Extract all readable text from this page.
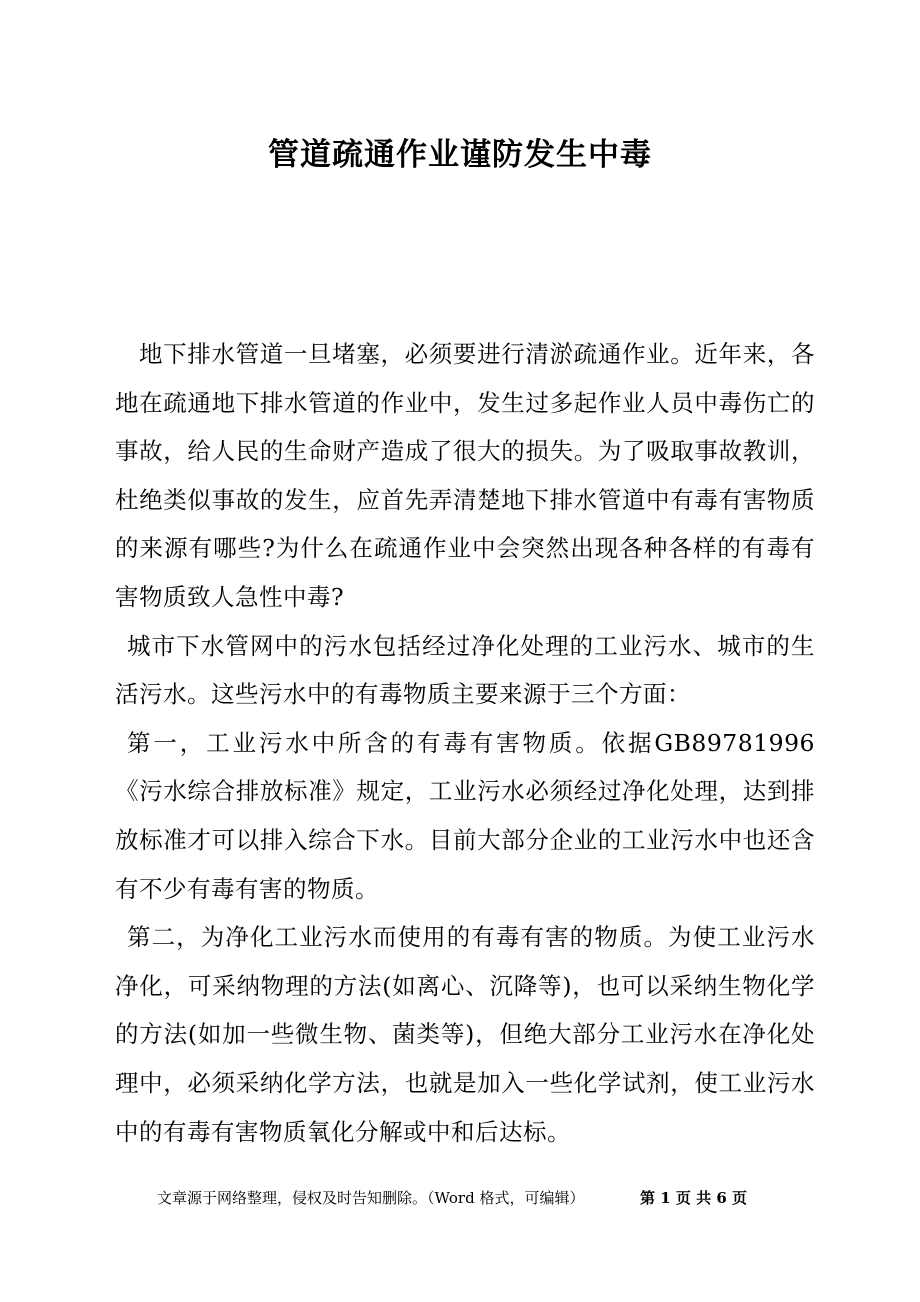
管道疏通作业谨防发生中毒

地下排水管道一旦堵塞，必须要进行清淤疏通作业。近年来，各地在疏通地下排水管道的作业中，发生过多起作业人员中毒伤亡的事故，给人民的生命财产造成了很大的损失。为了吸取事故教训，杜绝类似事故的发生，应首先弄清楚地下排水管道中有毒有害物质的来源有哪些?为什么在疏通作业中会突然出现各种各样的有毒有害物质致人急性中毒?

城市下水管网中的污水包括经过净化处理的工业污水、城市的生活污水。这些污水中的有毒物质主要来源于三个方面：

第一，工业污水中所含的有毒有害物质。依据GB89781996《污水综合排放标准》规定，工业污水必须经过净化处理，达到排放标准才可以排入综合下水。目前大部分企业的工业污水中也还含有不少有毒有害的物质。

第二，为净化工业污水而使用的有毒有害的物质。为使工业污水净化，可采纳物理的方法(如离心、沉降等)，也可以采纳生物化学的方法(如加一些微生物、菌类等)，但绝大部分工业污水在净化处理中，必须采纳化学方法，也就是加入一些化学试剂，使工业污水中的有毒有害物质氧化分解或中和后达标。

文章源于网络整理，侵权及时告知删除。（Word 格式，可编辑）	第 1 页 共 6 页
